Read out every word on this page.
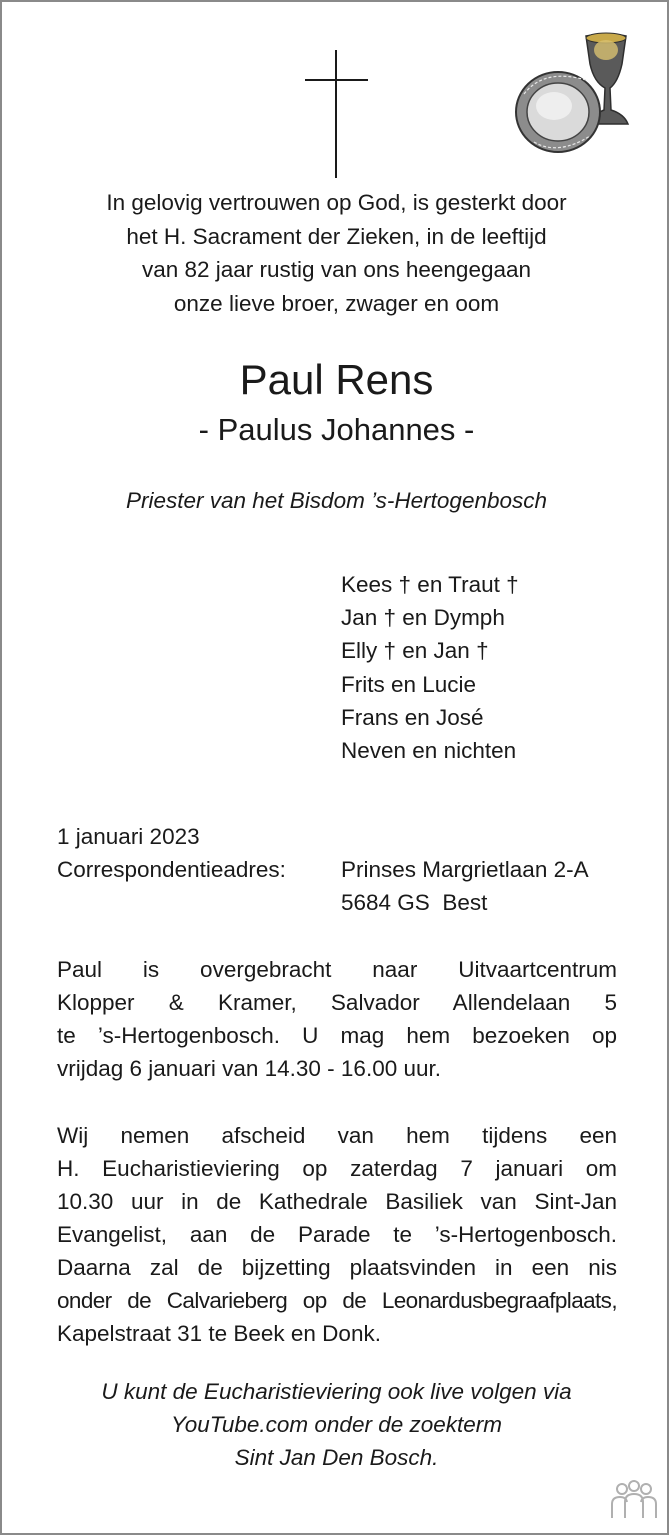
In gelovig vertrouwen op God, is gesterkt door
het H. Sacrament der Zieken, in de leeftijd
van 82 jaar rustig van ons heengegaan
onze lieve broer, zwager en oom
Paul Rens
- Paulus Johannes -
Priester van het Bisdom ’s-Hertogenbosch
Kees † en Traut †
Jan † en Dymph
Elly † en Jan †
Frits en Lucie
Frans en José
Neven en nichten
1 januari 2023
Correspondentieadres: Prinses Margrietlaan 2-A
5684 GS  Best
Paul is overgebracht naar Uitvaartcentrum
Klopper & Kramer, Salvador Allendelaan 5
te ’s-Hertogenbosch. U mag hem bezoeken op
vrijdag 6 januari van 14.30 - 16.00 uur.
Wij nemen afscheid van hem tijdens een
H. Eucharistieviering op zaterdag 7 januari om
10.30 uur in de Kathedrale Basiliek van Sint-Jan
Evangelist, aan de Parade te ’s-Hertogenbosch.
Daarna zal de bijzetting plaatsvinden in een nis
onder de Calvarieberg op de Leonardusbegraafplaats,
Kapelstraat 31 te Beek en Donk.
U kunt de Eucharistieviering ook live volgen via
YouTube.com onder de zoekterm
Sint Jan Den Bosch.
